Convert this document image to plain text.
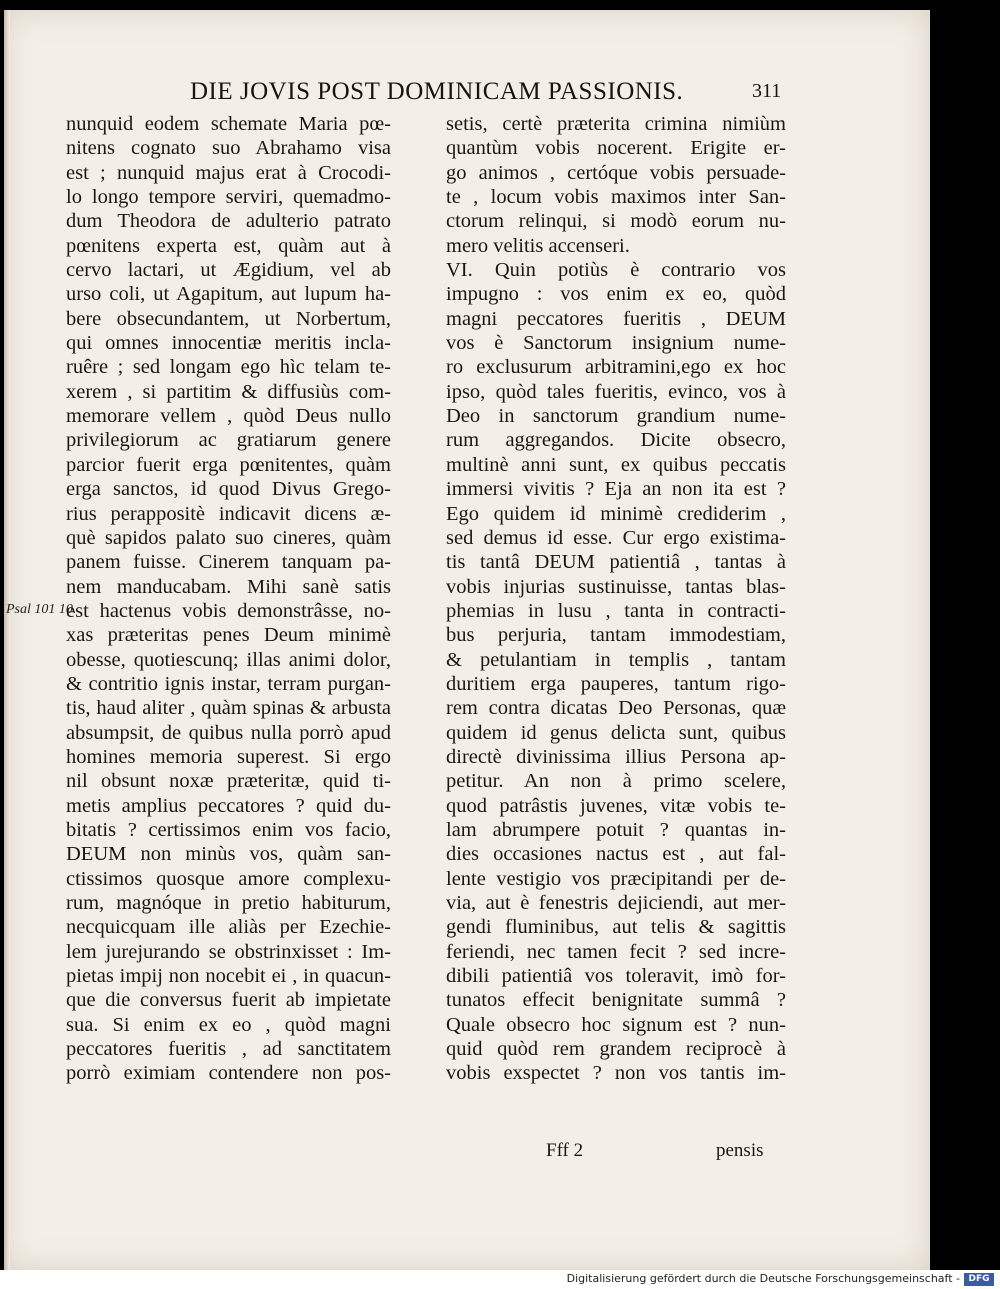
DIE JOVIS POST DOMINICAM PASSIONIS.	311
Psal 101 10.
nunquid eodem schemate Maria pœ-
nitens cognato suo Abrahamo visa
est ; nunquid majus erat à Crocodi-
lo longo tempore serviri, quemadmo-
dum Theodora de adulterio patrato
pœnitens experta est, quàm aut à
cervo lactari, ut Ægidium, vel ab
urso coli, ut Agapitum, aut lupum ha-
bere obsecundantem, ut Norbertum,
qui omnes innocentiæ meritis incla-
ruêre ; sed longam ego hìc telam te-
xerem , si partitim & diffusiùs com-
memorare vellem , quòd Deus nullo
privilegiorum ac gratiarum genere
parcior fuerit erga pœnitentes, quàm
erga sanctos, id quod Divus Grego-
rius perappositè indicavit dicens æ-
què sapidos palato suo cineres, quàm
panem fuisse. Cinerem tanquam pa-
nem manducabam. Mihi sanè satis
est hactenus vobis demonstrâsse, no-
xas præteritas penes Deum minimè
obesse, quotiescunq; illas animi dolor,
& contritio ignis instar, terram purgan-
tis, haud aliter , quàm spinas & arbusta
absumpsit, de quibus nulla porrò apud
homines memoria superest. Si ergo
nil obsunt noxæ præteritæ, quid ti-
metis amplius peccatores ? quid du-
bitatis ? certissimos enim vos facio,
DEUM non minùs vos, quàm san-
ctissimos quosque amore complexu-
rum, magnóque in pretio habiturum,
necquicquam ille aliàs per Ezechie-
lem jurejurando se obstrinxisset : Im-
pietas impij non nocebit ei , in quacun-
que die conversus fuerit ab impietate
sua. Si enim ex eo , quòd magni
peccatores fueritis , ad sanctitatem
porrò eximiam contendere non pos-
setis, certè præterita crimina nimiùm
quantùm vobis nocerent. Erigite er-
go animos , certóque vobis persuade-
te , locum vobis maximos inter San-
ctorum relinqui, si modò eorum nu-
mero velitis accenseri.
VI. Quin potiùs è contrario vos
impugno : vos enim ex eo, quòd
magni peccatores fueritis , DEUM
vos è Sanctorum insignium nume-
ro exclusurum arbitramini,ego ex hoc
ipso, quòd tales fueritis, evinco, vos à
Deo in sanctorum grandium nume-
rum aggregandos. Dicite obsecro,
multinè anni sunt, ex quibus peccatis
immersi vivitis ? Eja an non ita est ?
Ego quidem id minimè crediderim ,
sed demus id esse. Cur ergo existima-
tis tantâ DEUM patientiâ , tantas à
vobis injurias sustinuisse, tantas blas-
phemias in lusu , tanta in contracti-
bus perjuria, tantam immodestiam,
& petulantiam in templis , tantam
duritiem erga pauperes, tantum rigo-
rem contra dicatas Deo Personas, quæ
quidem id genus delicta sunt, quibus
directè divinissima illius Persona ap-
petitur. An non à primo scelere,
quod patrâstis juvenes, vitæ vobis te-
lam abrumpere potuit ? quantas in-
dies occasiones nactus est , aut fal-
lente vestigio vos præcipitandi per de-
via, aut è fenestris dejiciendi, aut mer-
gendi fluminibus, aut telis & sagittis
feriendi, nec tamen fecit ? sed incre-
dibili patientiâ vos toleravit, imò for-
tunatos effecit benignitate summâ ?
Quale obsecro hoc signum est ? nun-
quid quòd rem grandem reciprocè à
vobis exspectet ? non vos tantis im-
Fff 2	pensis
Digitalisierung gefördert durch die Deutsche Forschungsgemeinschaft - DFG
